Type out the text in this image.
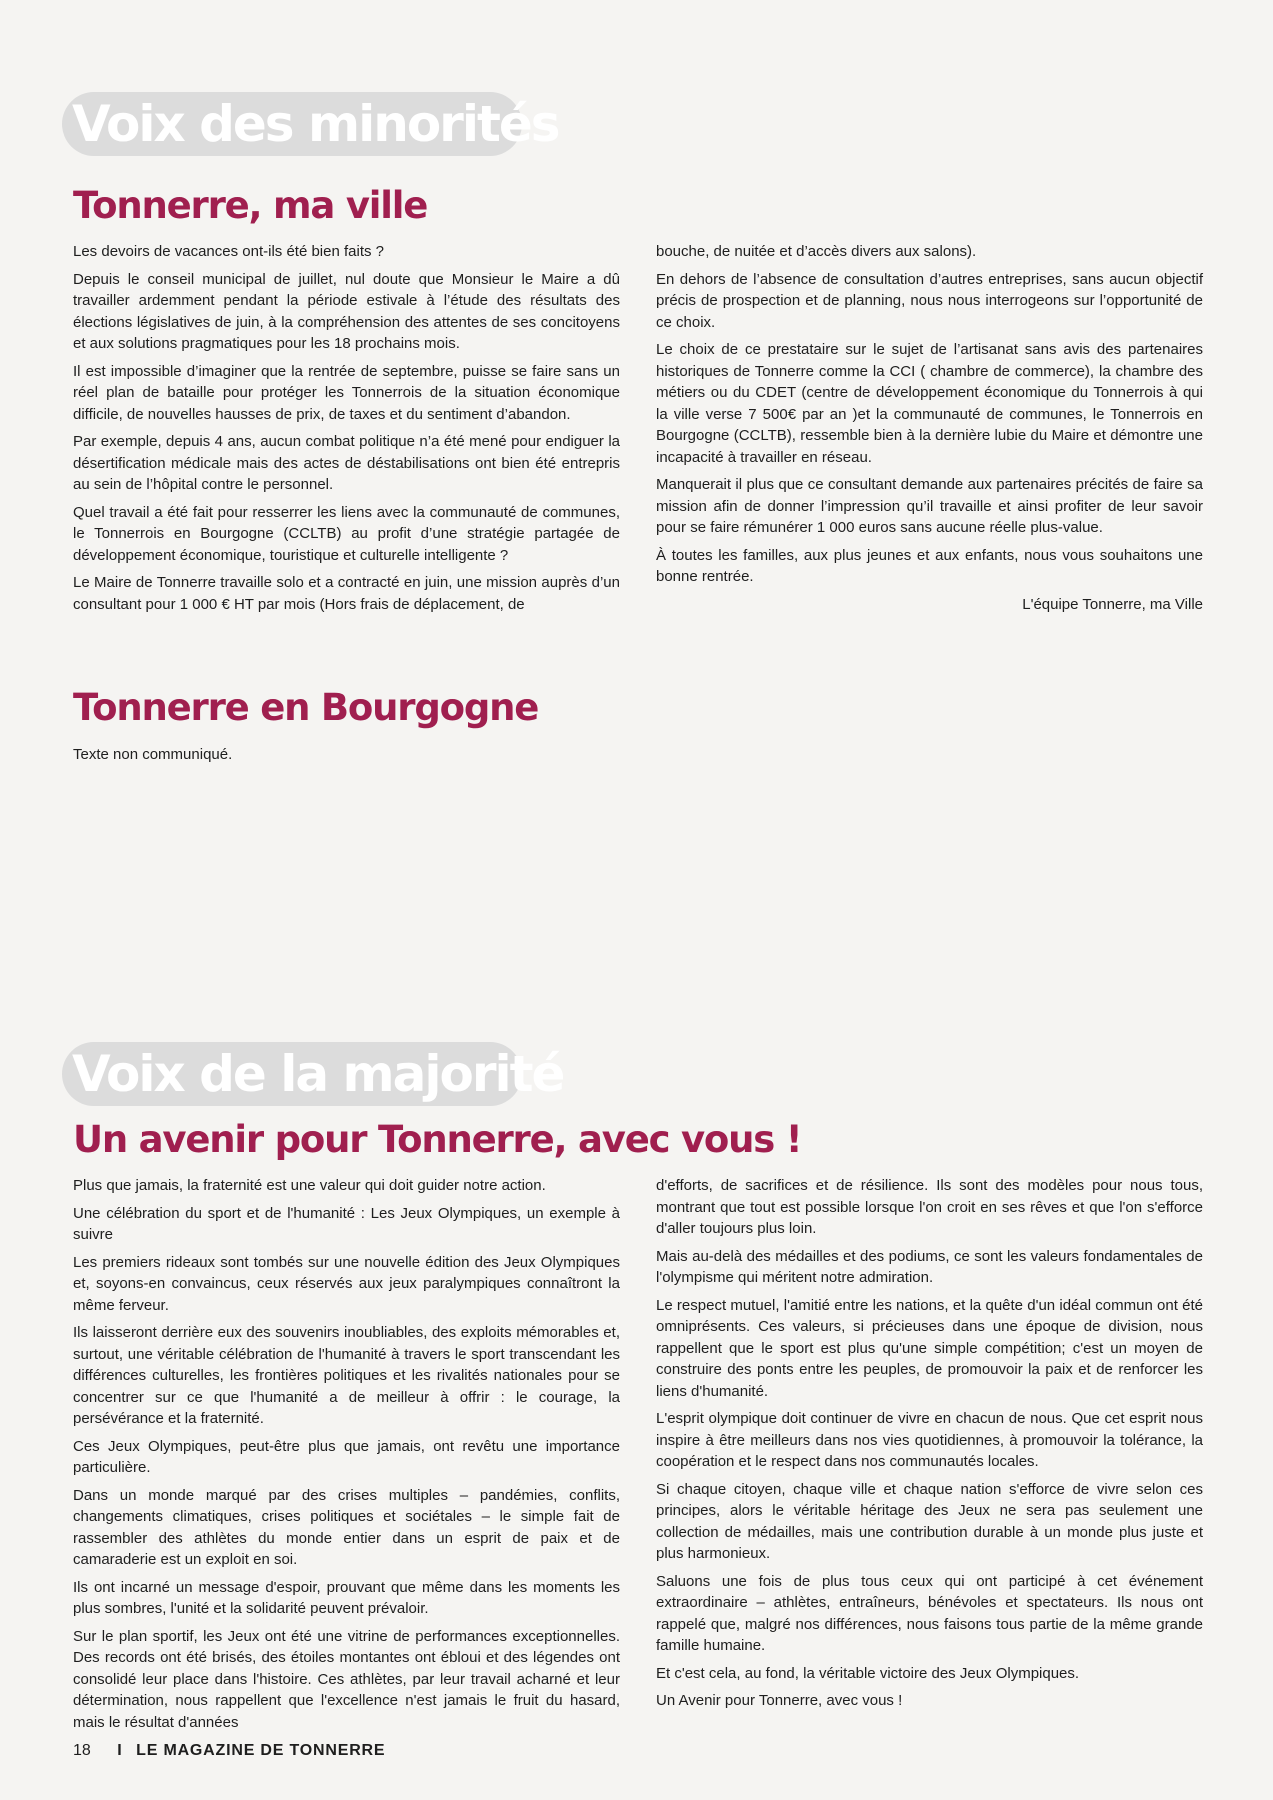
Voix des minorités
Tonnerre, ma ville

Les devoirs de vacances ont-ils été bien faits ?

Depuis le conseil municipal de juillet, nul doute que Monsieur le Maire a dû travailler ardemment pendant la période estivale à l’étude des résultats des élections législatives de juin, à la compréhension des attentes de ses concitoyens et aux solutions pragmatiques pour les 18 prochains mois.

Il est impossible d’imaginer que la rentrée de septembre, puisse se faire sans un réel plan de bataille pour protéger les Tonnerrois de la situation économique difficile, de nouvelles hausses de prix, de taxes et du sentiment d’abandon.

Par exemple, depuis 4 ans, aucun combat politique n’a été mené pour endiguer la désertification médicale mais des actes de déstabilisations ont bien été entrepris au sein de l’hôpital contre le personnel.

Quel travail a été fait pour resserrer les liens avec la communauté de communes, le Tonnerrois en Bourgogne (CCLTB) au profit d’une stratégie partagée de développement économique, touristique et culturelle intelligente ?

Le Maire de Tonnerre travaille solo et a contracté en juin, une mission auprès d’un consultant pour 1 000 € HT par mois (Hors frais de déplacement, de

bouche, de nuitée et d’accès divers aux salons).

En dehors de l’absence de consultation d’autres entreprises, sans aucun objectif précis de prospection et de planning, nous nous interrogeons sur l’opportunité de ce choix.

Le choix de ce prestataire sur le sujet de l’artisanat sans avis des partenaires historiques de Tonnerre comme la CCI ( chambre de commerce), la chambre des métiers ou du CDET (centre de développement économique du Tonnerrois à qui la ville verse 7 500€ par an )et la communauté de communes, le Tonnerrois en Bourgogne (CCLTB), ressemble bien à la dernière lubie du Maire et démontre une incapacité à travailler en réseau.

Manquerait il plus que ce consultant demande aux partenaires précités de faire sa mission afin de donner l’impression qu’il travaille et ainsi profiter de leur savoir pour se faire rémunérer 1 000 euros sans aucune réelle plus-value.

À toutes les familles, aux plus jeunes et aux enfants, nous vous souhaitons une bonne rentrée.

L'équipe Tonnerre, ma Ville

Tonnerre en Bourgogne

Texte non communiqué.

Voix de la majorité
Un avenir pour Tonnerre, avec vous !

Plus que jamais, la fraternité est une valeur qui doit guider notre action.

Une célébration du sport et de l'humanité : Les Jeux Olympiques, un exemple à suivre

Les premiers rideaux sont tombés sur une nouvelle édition des Jeux Olympiques et, soyons-en convaincus, ceux réservés aux jeux paralympiques connaîtront la même ferveur.

Ils laisseront derrière eux des souvenirs inoubliables, des exploits mémorables et, surtout, une véritable célébration de l'humanité à travers le sport transcendant les différences culturelles, les frontières politiques et les rivalités nationales pour se concentrer sur ce que l'humanité a de meilleur à offrir : le courage, la persévérance et la fraternité.

Ces Jeux Olympiques, peut-être plus que jamais, ont revêtu une importance particulière.

Dans un monde marqué par des crises multiples – pandémies, conflits, changements climatiques, crises politiques et sociétales – le simple fait de rassembler des athlètes du monde entier dans un esprit de paix et de camaraderie est un exploit en soi.

Ils ont incarné un message d'espoir, prouvant que même dans les moments les plus sombres, l'unité et la solidarité peuvent prévaloir.

Sur le plan sportif, les Jeux ont été une vitrine de performances exceptionnelles. Des records ont été brisés, des étoiles montantes ont ébloui et des légendes ont consolidé leur place dans l'histoire. Ces athlètes, par leur travail acharné et leur détermination, nous rappellent que l'excellence n'est jamais le fruit du hasard, mais le résultat d'années

d'efforts, de sacrifices et de résilience. Ils sont des modèles pour nous tous, montrant que tout est possible lorsque l'on croit en ses rêves et que l'on s'efforce d'aller toujours plus loin.

Mais au-delà des médailles et des podiums, ce sont les valeurs fondamentales de l'olympisme qui méritent notre admiration.

Le respect mutuel, l'amitié entre les nations, et la quête d'un idéal commun ont été omniprésents. Ces valeurs, si précieuses dans une époque de division, nous rappellent que le sport est plus qu'une simple compétition; c'est un moyen de construire des ponts entre les peuples, de promouvoir la paix et de renforcer les liens d'humanité.

L'esprit olympique doit continuer de vivre en chacun de nous. Que cet esprit nous inspire à être meilleurs dans nos vies quotidiennes, à promouvoir la tolérance, la coopération et le respect dans nos communautés locales.

Si chaque citoyen, chaque ville et chaque nation s'efforce de vivre selon ces principes, alors le véritable héritage des Jeux ne sera pas seulement une collection de médailles, mais une contribution durable à un monde plus juste et plus harmonieux.

Saluons une fois de plus tous ceux qui ont participé à cet événement extraordinaire – athlètes, entraîneurs, bénévoles et spectateurs. Ils nous ont rappelé que, malgré nos différences, nous faisons tous partie de la même grande famille humaine.

Et c'est cela, au fond, la véritable victoire des Jeux Olympiques.

Un Avenir pour Tonnerre, avec vous !

18 I LE MAGAZINE DE TONNERRE
